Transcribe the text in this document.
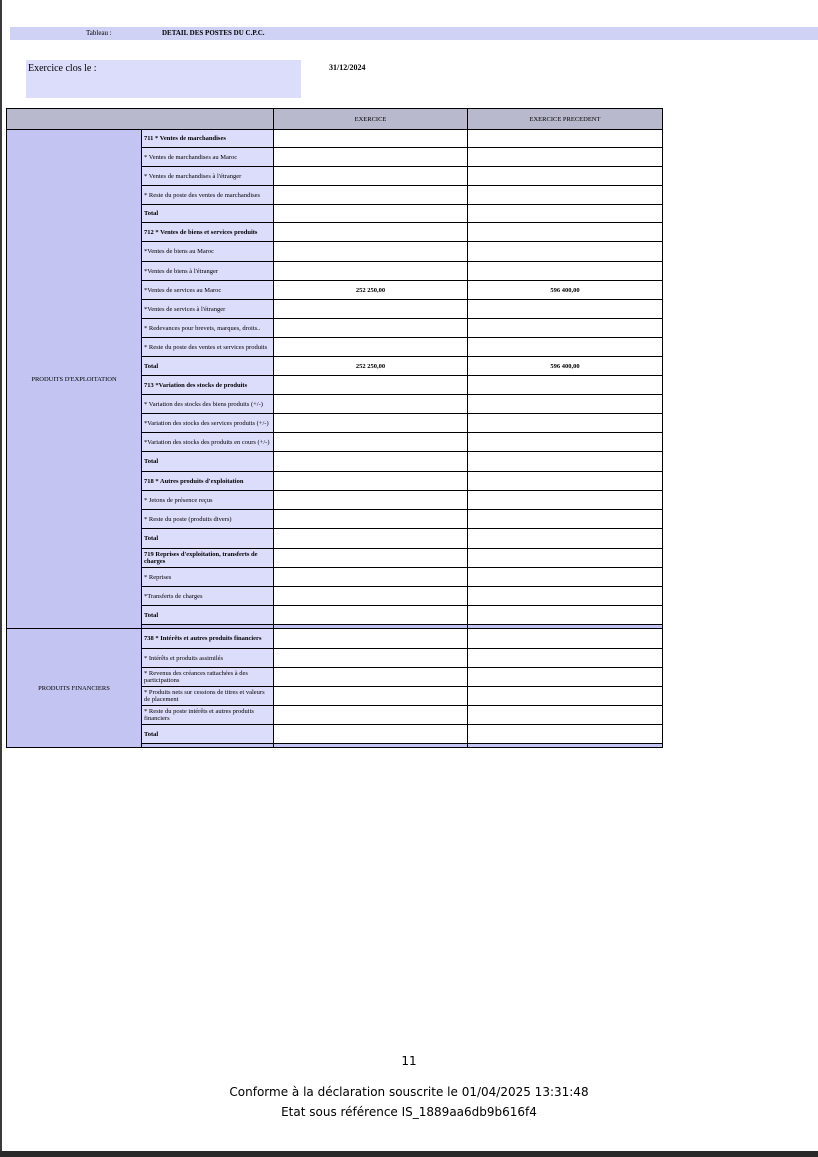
Tableau :	DETAIL DES POSTES DU C.P.C.
Exercice clos le :	31/12/2024
		EXERCICE	EXERCICE PRECEDENT
PRODUITS D'EXPLOITATION	711 * Ventes de marchandises		
	* Ventes de marchandises au Maroc		
	* Ventes de marchandises à l'étranger		
	* Reste du poste des ventes de marchandises		
	Total		
	712 * Ventes de biens et services produits		
	*Ventes de biens au Maroc		
	*Ventes de biens à l'étranger		
	*Ventes de services au Maroc	252 250,00	596 400,00
	*Ventes de services à l'étranger		
	* Redevances pour brevets, marques, droits..		
	* Reste du poste des ventes et services produits		
	Total	252 250,00	596 400,00
	713 *Variation des stocks de produits		
	* Variation des stocks des biens produits (+/-)		
	*Variation des stocks des services produits (+/-)		
	*Variation des stocks des produits en cours (+/-)		
	Total		
	718 * Autres produits d'exploitation		
	* Jetons de présence reçus		
	* Reste du poste (produits divers)		
	Total		
	719 Reprises d'exploitation, transferts de charges		
	* Reprises		
	*Transferts de charges		
	Total		

PRODUITS FINANCIERS	738 * Intérêts et autres produits financiers		
	* Intérêts et produits assimilés		
	* Revenus des créances rattachées à des participations		
	* Produits nets sur cessions de titres et valeurs de placement		
	* Reste du poste intérêts et autres produits financiers		
	Total		

11
Conforme à la déclaration souscrite le 01/04/2025 13:31:48
Etat sous référence IS_1889aa6db9b616f4
